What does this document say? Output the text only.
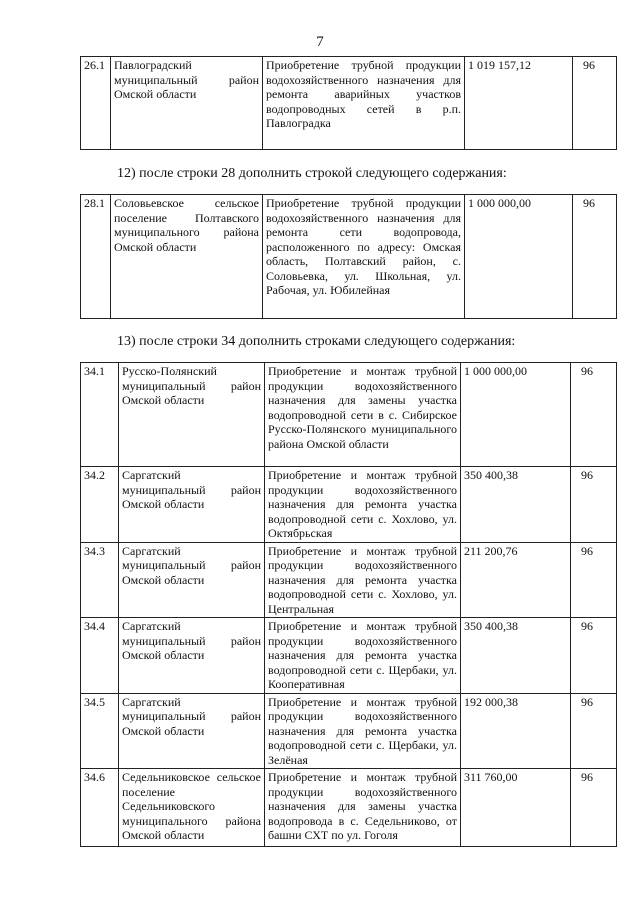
7
26.1	Павлоградский муниципальный район Омской области	Приобретение трубной продукции водохозяйственного назначения для ремонта аварийных участков водопроводных сетей в р.п. Павлоградка	1 019 157,12	96
12) после строки 28 дополнить строкой следующего содержания:
28.1	Соловьевское сельское поселение Полтавского муниципального района Омской области	Приобретение трубной продукции водохозяйственного назначения для ремонта сети водопровода, расположенного по адресу: Омская область, Полтавский район, с. Соловьевка, ул. Школьная, ул. Рабочая, ул. Юбилейная	1 000 000,00	96
13) после строки 34 дополнить строками следующего содержания:
34.1	Русско-Полянский муниципальный район Омской области	Приобретение и монтаж трубной продукции водохозяйственного назначения для замены участка водопроводной сети в с. Сибирское Русско-Полянского муниципального района Омской области	1 000 000,00	96
34.2	Саргатский муниципальный район Омской области	Приобретение и монтаж трубной продукции водохозяйственного назначения для ремонта участка водопроводной сети с. Хохлово, ул. Октябрьская	350 400,38	96
34.3	Саргатский муниципальный район Омской области	Приобретение и монтаж трубной продукции водохозяйственного назначения для ремонта участка водопроводной сети с. Хохлово, ул. Центральная	211 200,76	96
34.4	Саргатский муниципальный район Омской области	Приобретение и монтаж трубной продукции водохозяйственного назначения для ремонта участка водопроводной сети с. Щербаки, ул. Кооперативная	350 400,38	96
34.5	Саргатский муниципальный район Омской области	Приобретение и монтаж трубной продукции водохозяйственного назначения для ремонта участка водопроводной сети с. Щербаки, ул. Зелёная	192 000,38	96
34.6	Седельниковское сельское поселение Седельниковского муниципального района Омской области	Приобретение и монтаж трубной продукции водохозяйственного назначения для замены участка водопровода в с. Седельниково, от башни СХТ по ул. Гоголя	311 760,00	96
